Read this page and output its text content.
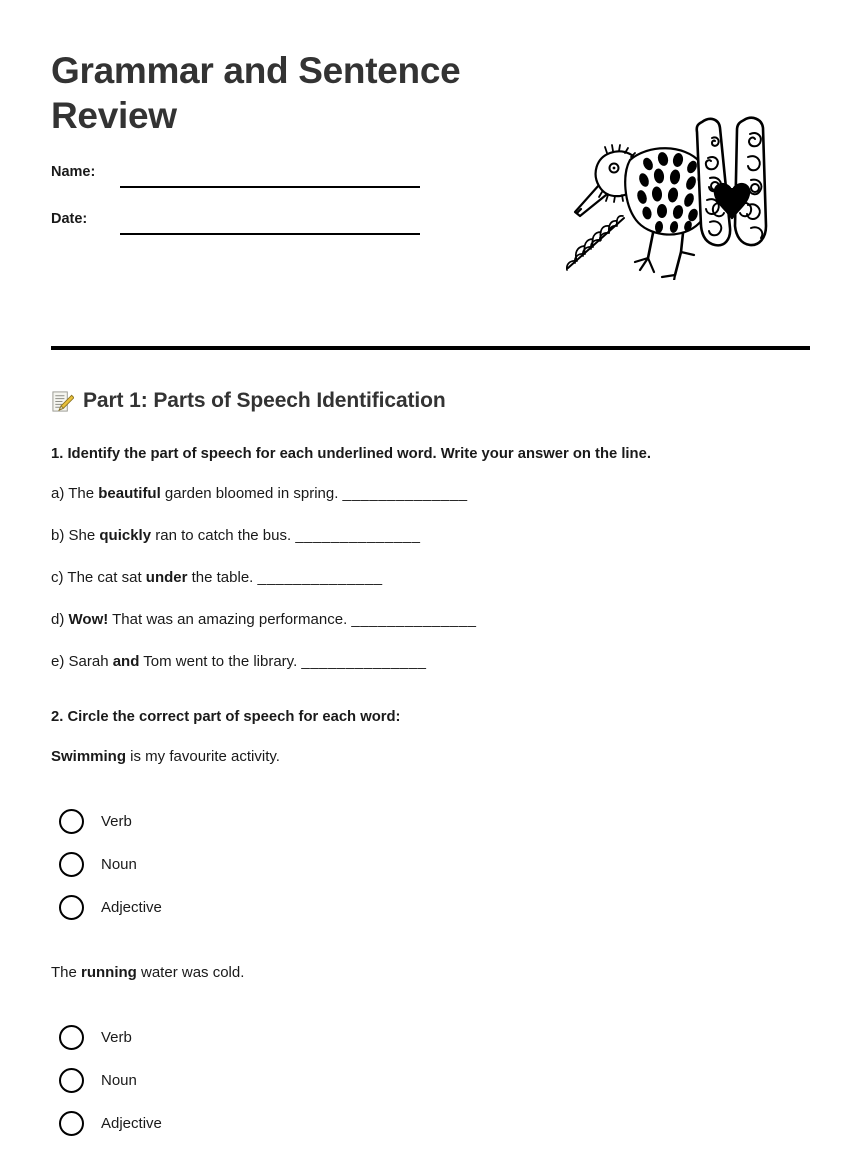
Grammar and Sentence Review
Name:
Date:
Part 1: Parts of Speech Identification

1. Identify the part of speech for each underlined word. Write your answer on the line.

a) The beautiful garden bloomed in spring. ______________

b) She quickly ran to catch the bus. ______________

c) The cat sat under the table. ______________

d) Wow! That was an amazing performance. ______________

e) Sarah and Tom went to the library. ______________

2. Circle the correct part of speech for each word:

Swimming is my favourite activity.

Verb
Noun
Adjective

The running water was cold.

Verb
Noun
Adjective
